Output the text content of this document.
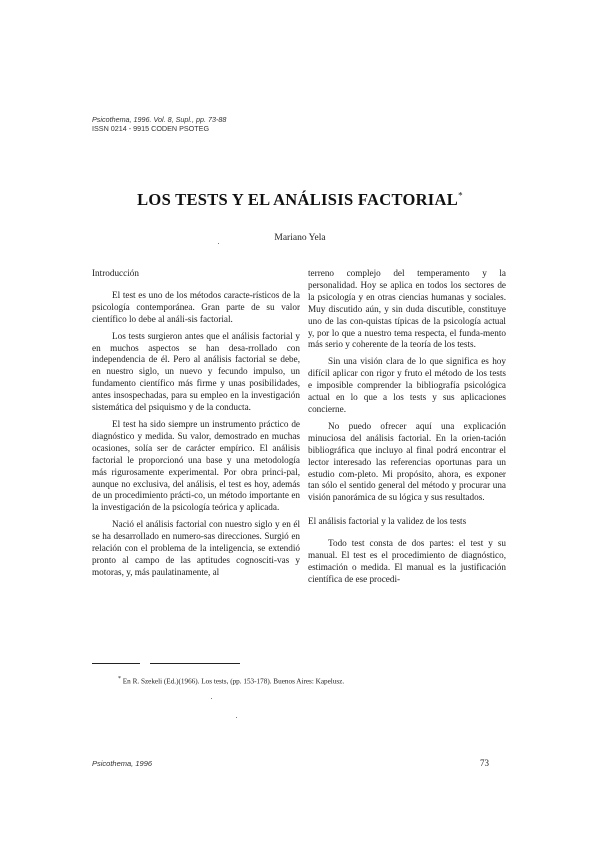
Psicothema, 1996. Vol. 8, Supl., pp. 73-88
ISSN 0214 - 9915 CODEN PSOTEG
LOS TESTS Y EL ANÁLISIS FACTORIAL*
Mariano Yela
Introducción

El test es uno de los métodos caracte-rísticos de la psicología contemporánea. Gran parte de su valor científico lo debe al análi-sis factorial.

Los tests surgieron antes que el análisis factorial y en muchos aspectos se han desa-rrollado con independencia de él. Pero al análisis factorial se debe, en nuestro siglo, un nuevo y fecundo impulso, un fundamento científico más firme y unas posibilidades, antes insospechadas, para su empleo en la investigación sistemática del psiquismo y de la conducta.

El test ha sido siempre un instrumento práctico de diagnóstico y medida. Su valor, demostrado en muchas ocasiones, solía ser de carácter empírico. El análisis factorial le proporcionó una base y una metodología más rigurosamente experimental. Por obra princi-pal, aunque no exclusiva, del análisis, el test es hoy, además de un procedimiento prácti-co, un método importante en la investigación de la psicología teórica y aplicada.

Nació el análisis factorial con nuestro siglo y en él se ha desarrollado en numero-sas direcciones. Surgió en relación con el problema de la inteligencia, se extendió pronto al campo de las aptitudes cognosciti-vas y motoras, y, más paulatinamente, al

terreno complejo del temperamento y la personalidad. Hoy se aplica en todos los sectores de la psicología y en otras ciencias humanas y sociales. Muy discutido aún, y sin duda discutible, constituye uno de las con-quistas típicas de la psicología actual y, por lo que a nuestro tema respecta, el funda-mento más serio y coherente de la teoría de los tests.

Sin una visión clara de lo que significa es hoy difícil aplicar con rigor y fruto el método de los tests e imposible comprender la bibliografía psicológica actual en lo que a los tests y sus aplicaciones concierne.

No puedo ofrecer aquí una explicación minuciosa del análisis factorial. En la orien-tación bibliográfica que incluyo al final podrá encontrar el lector interesado las referencias oportunas para un estudio com-pleto. Mi propósito, ahora, es exponer tan sólo el sentido general del método y procurar una visión panorámica de su lógica y sus resultados.

El análisis factorial y la validez de los tests

Todo test consta de dos partes: el test y su manual. El test es el procedimiento de diagnóstico, estimación o medida. El manual es la justificación científica de ese procedi-

* En R. Szekeli (Ed.)(1966). Los tests, (pp. 153-178). Buenos Aires: Kapelusz.
Psicothema, 1996	73
